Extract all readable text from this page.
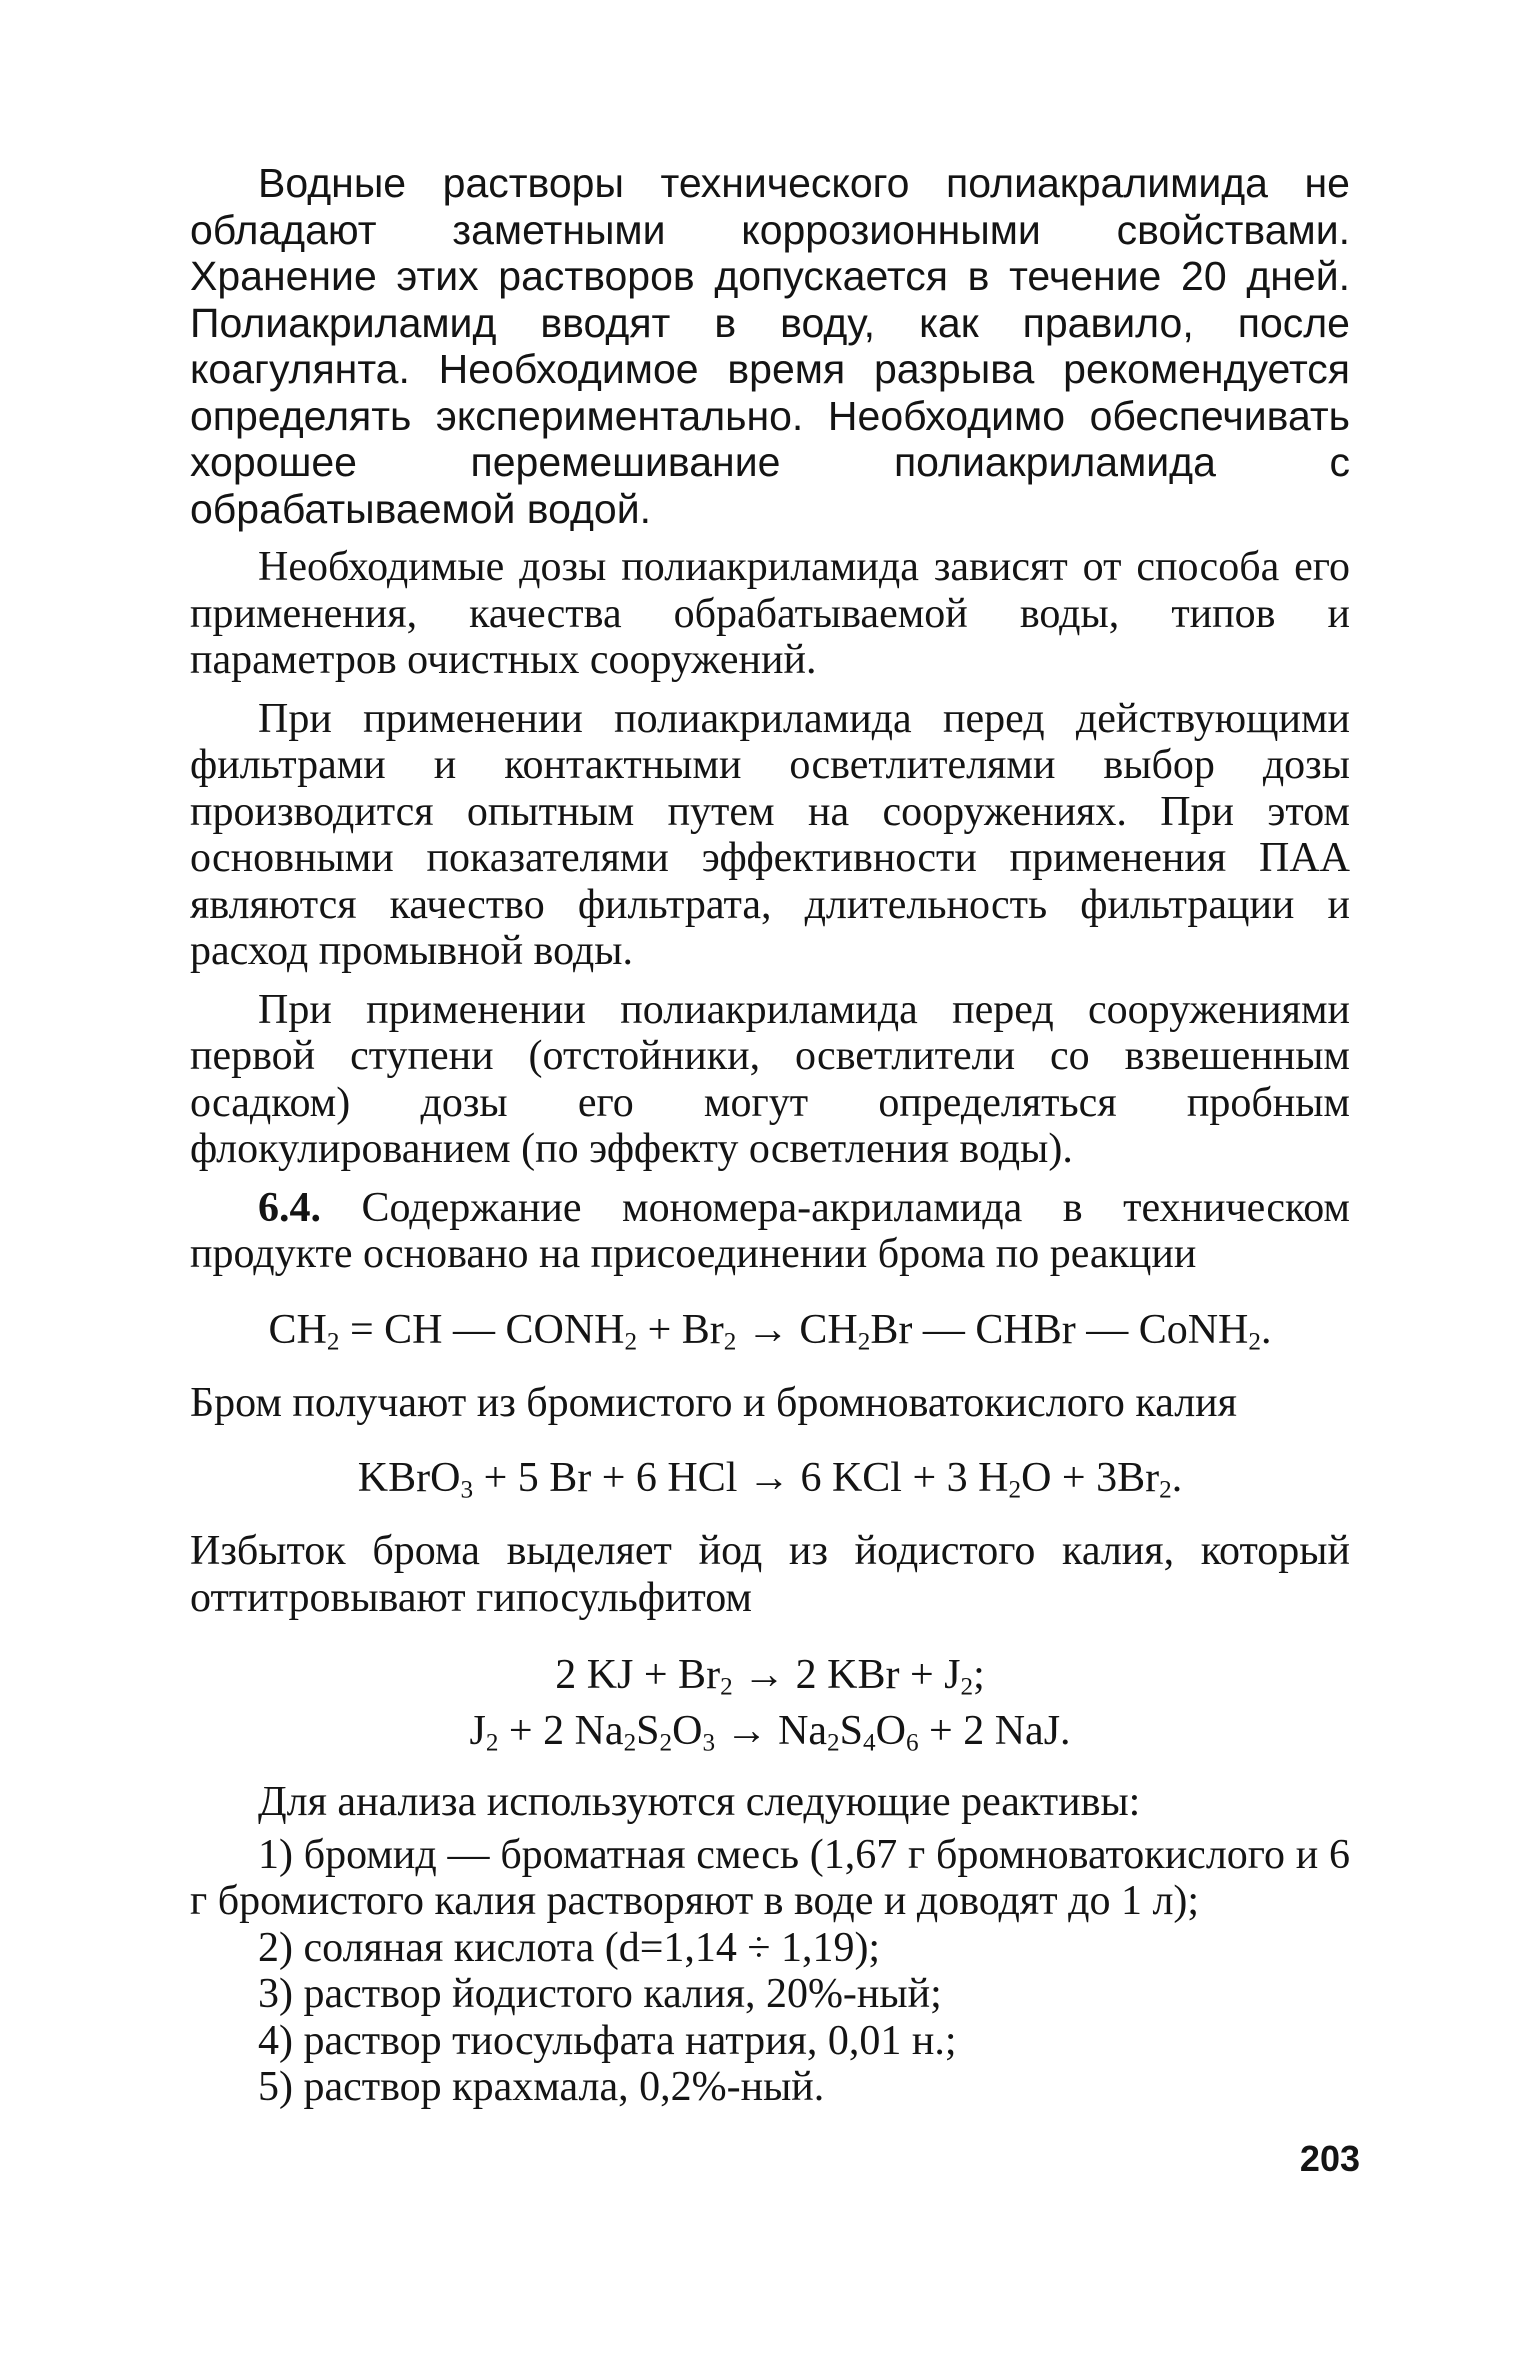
Водные растворы технического полиакралимида не обладают заметными коррозионными свойствами. Хранение этих растворов допускается в течение 20 дней. Полиакриламид вводят в воду, как правило, после коагулянта. Необходимое время разрыва рекомендуется определять экспериментально. Необходимо обеспечивать хорошее перемешивание полиакриламида с обрабатываемой водой.

Необходимые дозы полиакриламида зависят от способа его применения, качества обрабатываемой воды, типов и параметров очистных сооружений.

При применении полиакриламида перед действующими фильтрами и контактными осветлителями выбор дозы производится опытным путем на сооружениях. При этом основными показателями эффективности применения ПАА являются качество фильтрата, длительность фильтрации и расход промывной воды.

При применении полиакриламида перед сооружениями первой ступени (отстойники, осветлители со взвешенным осадком) дозы его могут определяться пробным флокулированием (по эффекту осветления воды).

6.4. Содержание мономера-акриламида в техническом продукте основано на присоединении брома по реакции

$CH_2$ = CH — $CONH_2 + Br_2 \to CH_2Br$ — CHBr — CoNH$_2$.

Бром получают из бромистого и бромноватокислого калия

KBrO$_3$ + 5 Br + 6 HCl → 6 KCl + 3 $H_2O + 3Br_2$.

Избыток брома выделяет йод из йодистого калия, который оттитровывают гипосульфитом

2 KJ + $Br_2 \to 2$ KBr + $J_2$;
$J_2 + 2$ $Na_2S_2O_3 \to Na_2S_4O_6 + 2$ NaJ.

Для анализа используются следующие реактивы:

1) бромид — броматная смесь (1,67 г бромноватокислого и 6 г бромистого калия растворяют в воде и доводят до 1 л);
2) соляная кислота (d=1,14 ÷ 1,19);
3) раствор йодистого калия, 20%-ный;
4) раствор тиосульфата натрия, 0,01 н.;
5) раствор крахмала, 0,2%-ный.
203
